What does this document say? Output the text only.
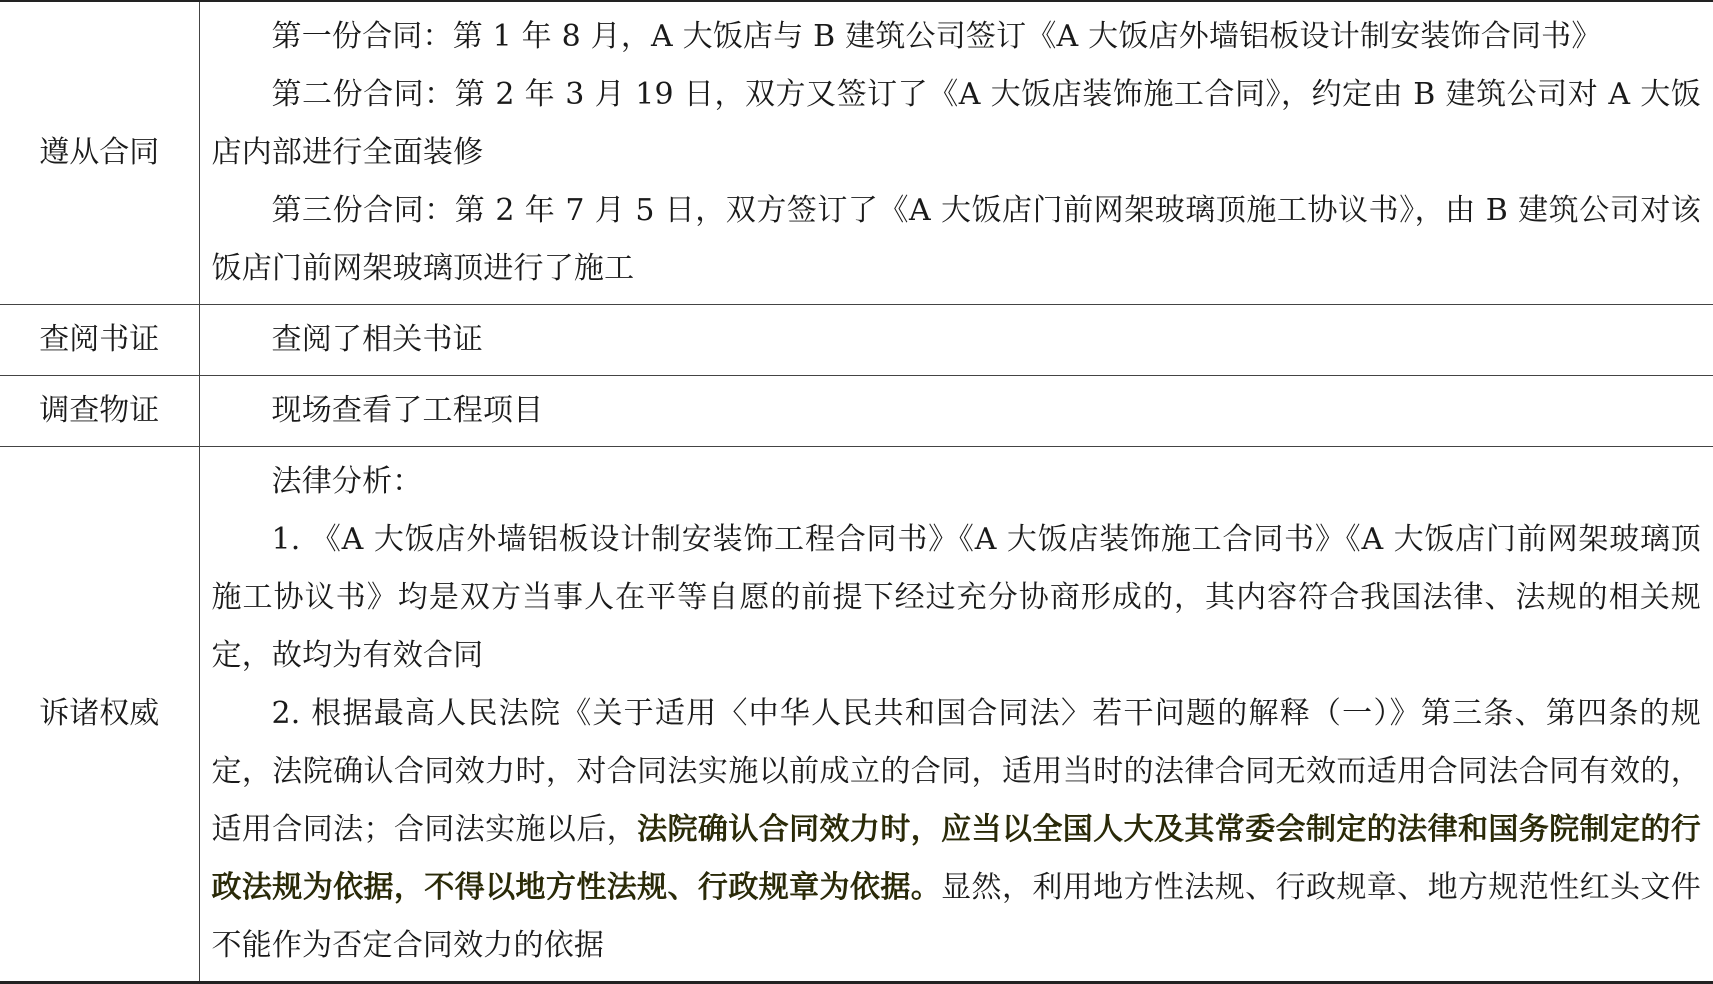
遵从合同	第一份合同：第 1 年 8 月，A 大饭店与 B 建筑公司签订《A 大饭店外墙铝板设计制安装饰合同书》

第二份合同：第 2 年 3 月 19 日，双方又签订了《A 大饭店装饰施工合同》，约定由 B 建筑公司对 A 大饭店内部进行全面装修

第三份合同：第 2 年 7 月 5 日，双方签订了《A 大饭店门前网架玻璃顶施工协议书》，由 B 建筑公司对该饭店门前网架玻璃顶进行了施工

查阅书证	查阅了相关书证

调查物证	现场查看了工程项目

诉诸权威	法律分析：

1. 《A 大饭店外墙铝板设计制安装饰工程合同书》《A 大饭店装饰施工合同书》《A 大饭店门前网架玻璃顶施工协议书》均是双方当事人在平等自愿的前提下经过充分协商形成的，其内容符合我国法律、法规的相关规定，故均为有效合同

2. 根据最高人民法院《关于适用〈中华人民共和国合同法〉若干问题的解释（一）》第三条、第四条的规定，法院确认合同效力时，对合同法实施以前成立的合同，适用当时的法律合同无效而适用合同法合同有效的，适用合同法；合同法实施以后，法院确认合同效力时，应当以全国人大及其常委会制定的法律和国务院制定的行政法规为依据，不得以地方性法规、行政规章为依据。显然，利用地方性法规、行政规章、地方规范性红头文件不能作为否定合同效力的依据
